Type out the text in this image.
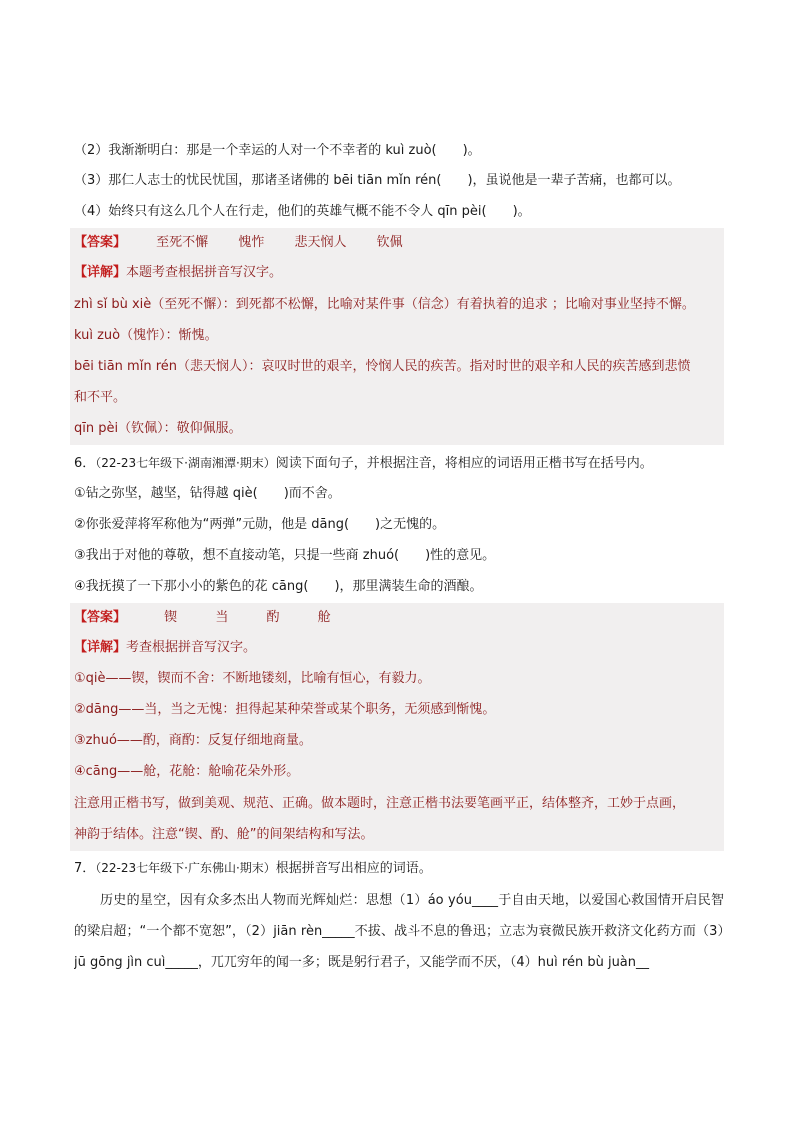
（2）我渐渐明白：那是一个幸运的人对一个不幸者的 kuì zuò(　　)。
（3）那仁人志士的忧民忧国，那诸圣诸佛的 bēi tiān mǐn rén(　　)，虽说他是一辈子苦痛，也都可以。
（4）始终只有这么几个人在行走，他们的英雄气概不能不令人 qīn pèi(　　)。
【答案】 至死不懈 愧怍 悲天悯人 钦佩
【详解】本题考查根据拼音写汉字。
zhì sǐ bù xiè（至死不懈）：到死都不松懈，比喻对某件事（信念）有着执着的追求 ；比喻对事业坚持不懈。
kuì zuò（愧怍）：惭愧。
bēi tiān mǐn rén（悲天悯人）：哀叹时世的艰辛，怜悯人民的疾苦。指对时世的艰辛和人民的疾苦感到悲愤
和不平。
qīn pèi（钦佩）：敬仰佩服。
6．（22-23七年级下·湖南湘潭·期末）阅读下面句子，并根据注音，将相应的词语用正楷书写在括号内。
①钻之弥坚，越坚，钻得越 qiè(　　)而不舍。
②你张爱萍将军称他为“两弹”元勋，他是 dāng(　　)之无愧的。
③我出于对他的尊敬，想不直接动笔，只提一些商 zhuó(　　)性的意见。
④我抚摸了一下那小小的紫色的花 cāng(　　)，那里满装生命的酒酿。
【答案】	锲	当	酌	舱
【详解】考查根据拼音写汉字。
①qiè——锲，锲而不舍：不断地镂刻，比喻有恒心，有毅力。
②dāng——当，当之无愧：担得起某种荣誉或某个职务，无须感到惭愧。
③zhuó——酌，商酌：反复仔细地商量。
④cāng——舱，花舱：舱喻花朵外形。
注意用正楷书写，做到美观、规范、正确。做本题时，注意正楷书法要笔画平正，结体整齐，工妙于点画，
神韵于结体。注意“锲、酌、舱”的间架结构和写法。
7．（22-23七年级下·广东佛山·期末）根据拼音写出相应的词语。
历史的星空，因有众多杰出人物而光辉灿烂：思想（1）áo yóu____于自由天地，以爱国心救国情开启民智的梁启超；“一个都不宽恕”，（2）jiān rèn_____不拔、战斗不息的鲁迅；立志为衰微民族开救济文化药方而（3）jū gōng jìn cuì_____，兀兀穷年的闻一多；既是躬行君子，又能学而不厌，（4）huì rén bù juàn__
